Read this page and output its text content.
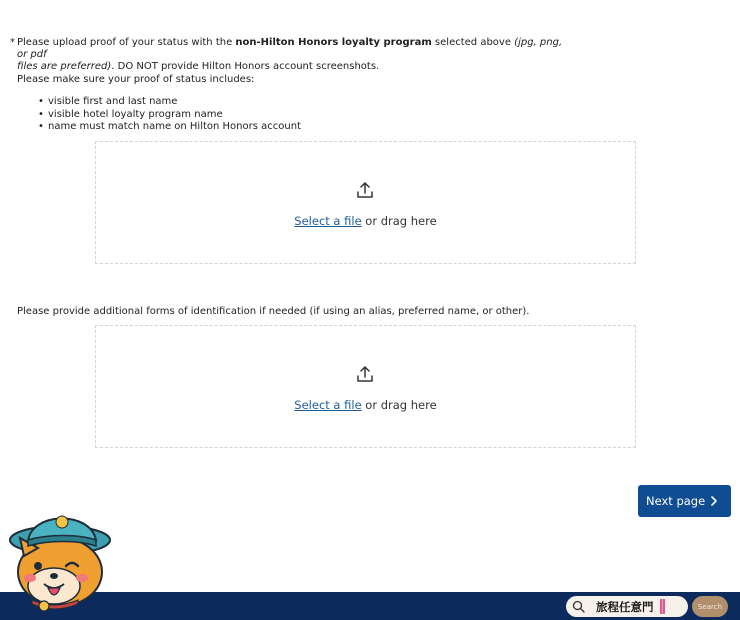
* Please upload proof of your status with the non-Hilton Honors loyalty program selected above (jpg, png, or pdf
files are preferred). DO NOT provide Hilton Honors account screenshots.
Please make sure your proof of status includes:
• visible first and last name
• visible hotel loyalty program name
• name must match name on Hilton Honors account
Select a file or drag here
Please provide additional forms of identification if needed (if using an alias, preferred name, or other).
Select a file or drag here
Next page
旅程任意門	Search
